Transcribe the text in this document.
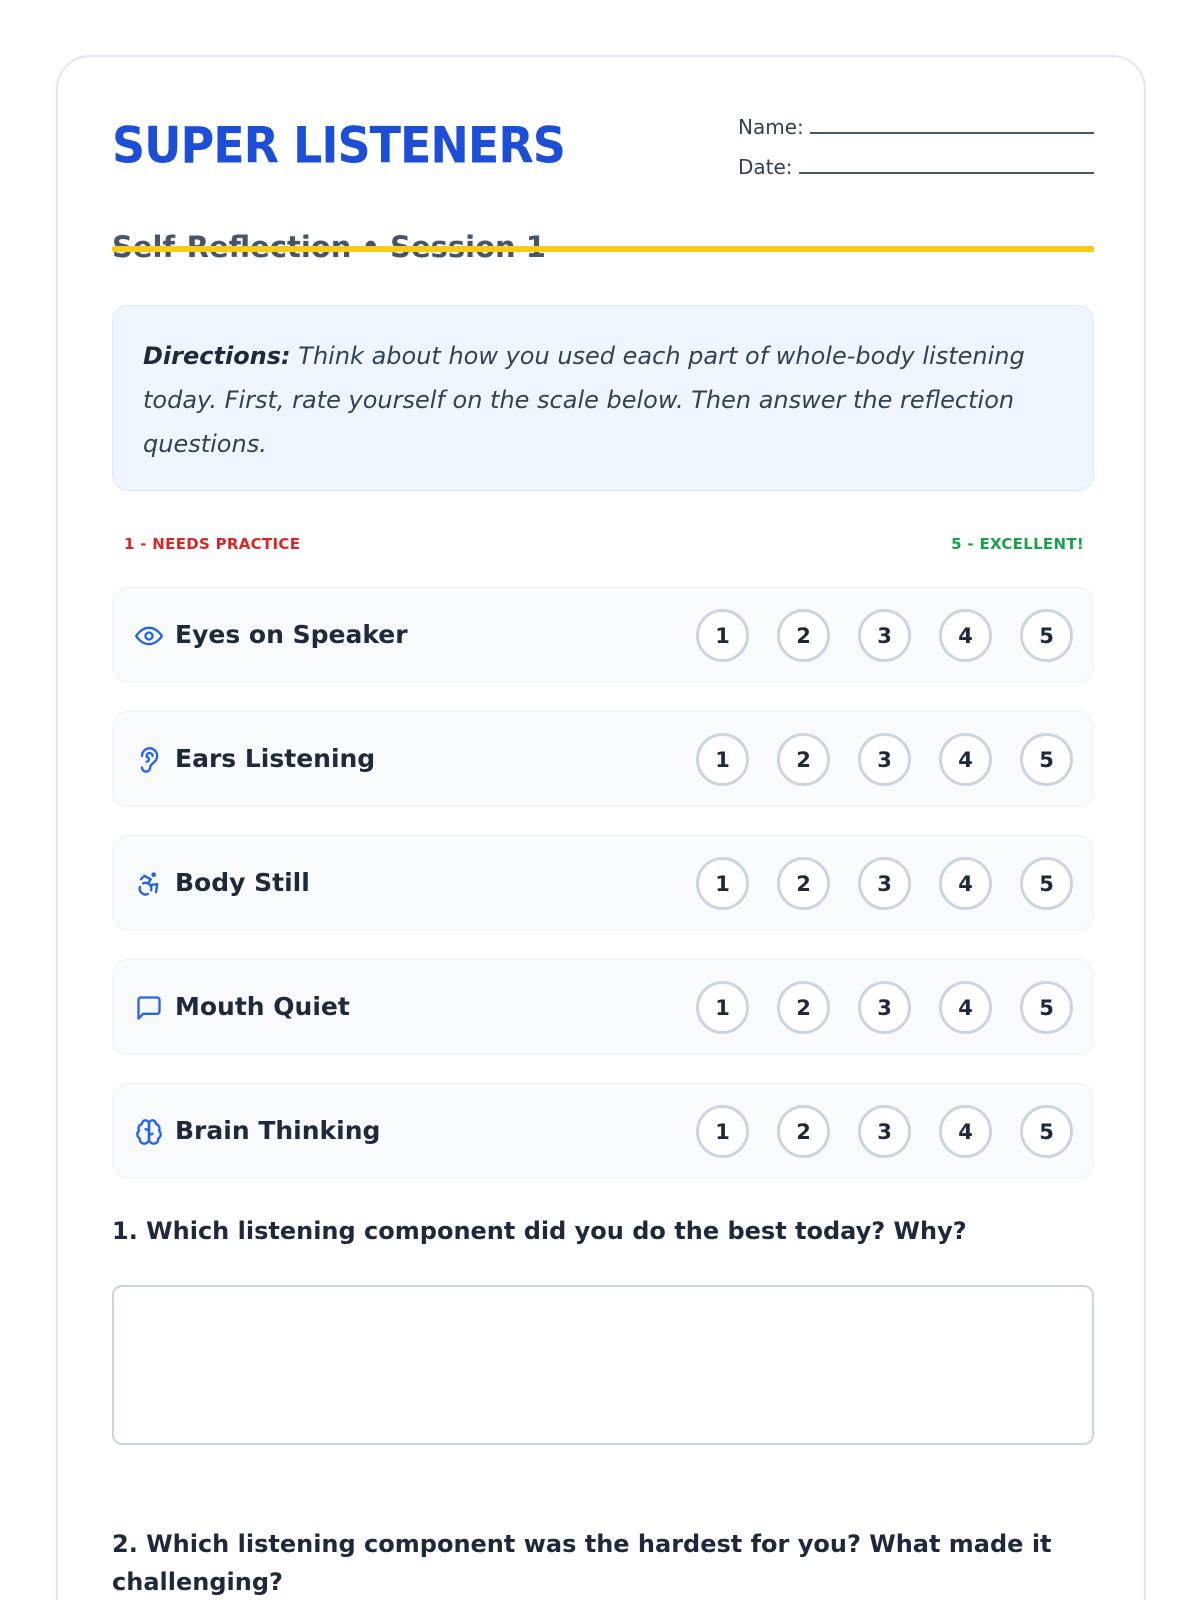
SUPER LISTENERS	Name:
Date:
Directions: Think about how you used each part of whole-body listening today. First, rate yourself on the scale below. Then answer the reflection questions.
1 - NEEDS PRACTICE	5 - EXCELLENT!
Eyes on Speaker	1	2	3	4	5
Ears Listening	1	2	3	4	5
Body Still	1	2	3	4	5
Mouth Quiet	1	2	3	4	5
Brain Thinking	1	2	3	4	5
1. Which listening component did you do the best today? Why?
2. Which listening component was the hardest for you? What made it challenging?
